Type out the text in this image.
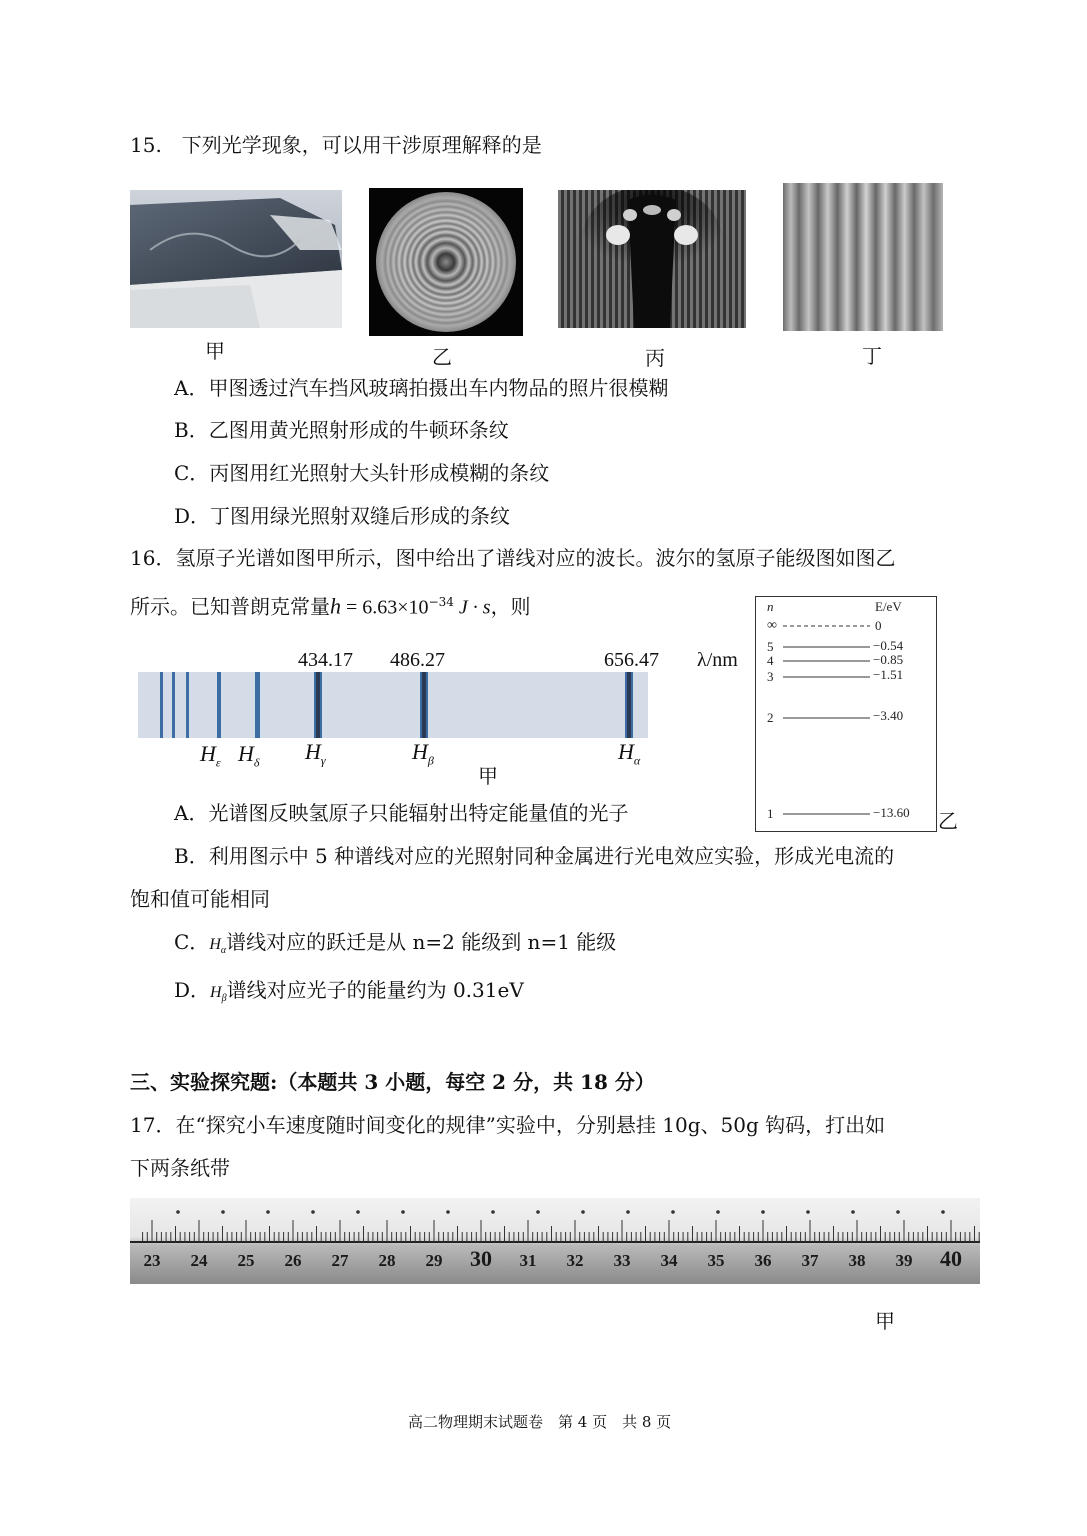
15.　下列光学现象，可以用干涉原理解释的是
甲	乙	丙	丁
A．甲图透过汽车挡风玻璃拍摄出车内物品的照片很模糊
B．乙图用黄光照射形成的牛顿环条纹
C．丙图用红光照射大头针形成模糊的条纹
D．丁图用绿光照射双缝后形成的条纹
16．氢原子光谱如图甲所示，图中给出了谱线对应的波长。波尔的氢原子能级图如图乙
所示。已知普朗克常量$h = 6.63\times 10^{-34}$ J · s，则
434.17 486.27	656.47 λ/nm
$H_\varepsilon$ $H_\delta$ $H_\gamma$	$H_\beta$	$H_\alpha$
甲
n	E/eV
∞	0
5	−0.54
4	−0.85
3	−1.51
2	−3.40
1	−13.60 乙
A．光谱图反映氢原子只能辐射出特定能量值的光子
B．利用图示中 5 种谱线对应的光照射同种金属进行光电效应实验，形成光电流的
饱和值可能相同
C．$H_\alpha$谱线对应的跃迁是从 n=2 能级到 n=1 能级
D．$H_\beta$谱线对应光子的能量约为 0.31eV
三、实验探究题:（本题共 3 小题，每空 2 分，共 18 分）
17．在“探究小车速度随时间变化的规律”实验中，分别悬挂 10g、50g 钩码，打出如
下两条纸带
23 24 25 26 27 28 29 30 31 32 33 34 35 36 37 38 39 40
甲
高二物理期末试题卷　第 4 页　共 8 页
